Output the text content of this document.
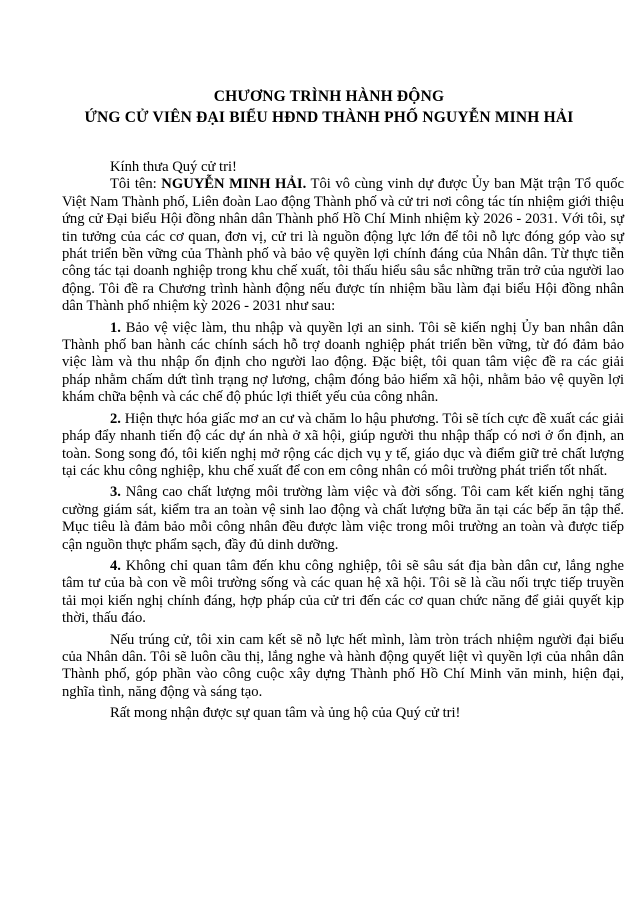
CHƯƠNG TRÌNH HÀNH ĐỘNG
ỨNG CỬ VIÊN ĐẠI BIỂU HĐND THÀNH PHỐ NGUYỄN MINH HẢI

Kính thưa Quý cử tri!

Tôi tên: NGUYỄN MINH HẢI. Tôi vô cùng vinh dự được Ủy ban Mặt trận Tổ quốc Việt Nam Thành phố, Liên đoàn Lao động Thành phố và cử tri nơi công tác tín nhiệm giới thiệu ứng cử Đại biểu Hội đồng nhân dân Thành phố Hồ Chí Minh nhiệm kỳ 2026 - 2031. Với tôi, sự tin tưởng của các cơ quan, đơn vị, cử tri là nguồn động lực lớn để tôi nỗ lực đóng góp vào sự phát triển bền vững của Thành phố và bảo vệ quyền lợi chính đáng của Nhân dân. Từ thực tiễn công tác tại doanh nghiệp trong khu chế xuất, tôi thấu hiểu sâu sắc những trăn trở của người lao động. Tôi đề ra Chương trình hành động nếu được tín nhiệm bầu làm đại biểu Hội đồng nhân dân Thành phố nhiệm kỳ 2026 - 2031 như sau:

1. Bảo vệ việc làm, thu nhập và quyền lợi an sinh. Tôi sẽ kiến nghị Ủy ban nhân dân Thành phố ban hành các chính sách hỗ trợ doanh nghiệp phát triển bền vững, từ đó đảm bảo việc làm và thu nhập ổn định cho người lao động. Đặc biệt, tôi quan tâm việc đề ra các giải pháp nhằm chấm dứt tình trạng nợ lương, chậm đóng bảo hiểm xã hội, nhằm bảo vệ quyền lợi khám chữa bệnh và các chế độ phúc lợi thiết yếu của công nhân.

2. Hiện thực hóa giấc mơ an cư và chăm lo hậu phương. Tôi sẽ tích cực đề xuất các giải pháp đẩy nhanh tiến độ các dự án nhà ở xã hội, giúp người thu nhập thấp có nơi ở ổn định, an toàn. Song song đó, tôi kiến nghị mở rộng các dịch vụ y tế, giáo dục và điểm giữ trẻ chất lượng tại các khu công nghiệp, khu chế xuất để con em công nhân có môi trường phát triển tốt nhất.

3. Nâng cao chất lượng môi trường làm việc và đời sống. Tôi cam kết kiến nghị tăng cường giám sát, kiểm tra an toàn vệ sinh lao động và chất lượng bữa ăn tại các bếp ăn tập thể. Mục tiêu là đảm bảo mỗi công nhân đều được làm việc trong môi trường an toàn và được tiếp cận nguồn thực phẩm sạch, đầy đủ dinh dưỡng.

4. Không chỉ quan tâm đến khu công nghiệp, tôi sẽ sâu sát địa bàn dân cư, lắng nghe tâm tư của bà con về môi trường sống và các quan hệ xã hội. Tôi sẽ là cầu nối trực tiếp truyền tải mọi kiến nghị chính đáng, hợp pháp của cử tri đến các cơ quan chức năng để giải quyết kịp thời, thấu đáo.

Nếu trúng cử, tôi xin cam kết sẽ nỗ lực hết mình, làm tròn trách nhiệm người đại biểu của Nhân dân. Tôi sẽ luôn cầu thị, lắng nghe và hành động quyết liệt vì quyền lợi của nhân dân Thành phố, góp phần vào công cuộc xây dựng Thành phố Hồ Chí Minh văn minh, hiện đại, nghĩa tình, năng động và sáng tạo.

Rất mong nhận được sự quan tâm và ủng hộ của Quý cử tri!
